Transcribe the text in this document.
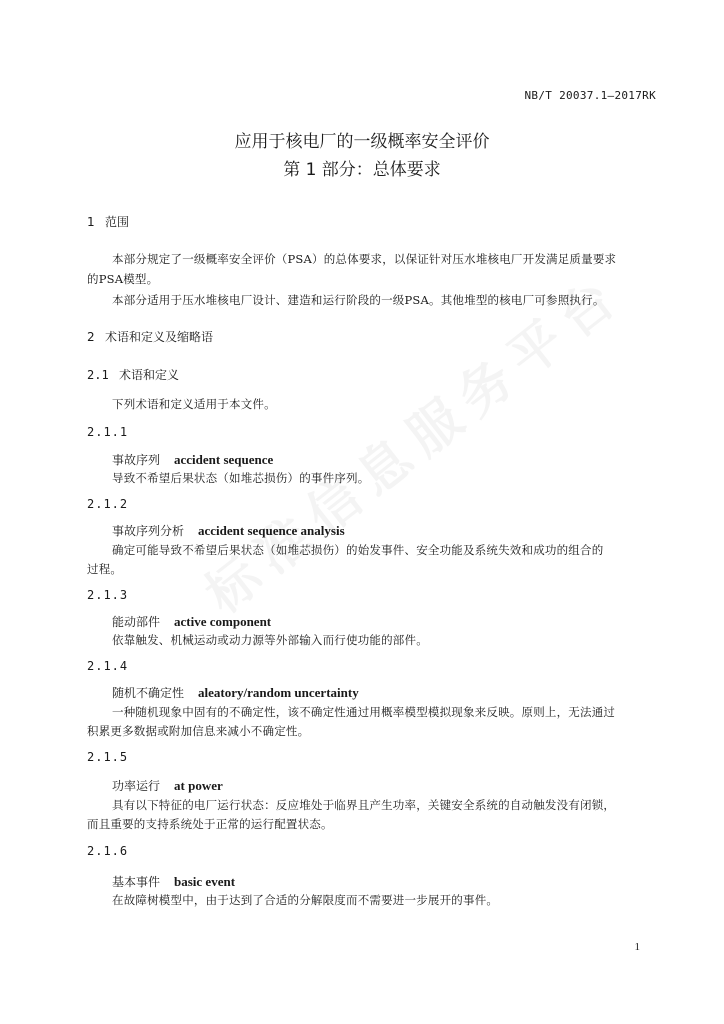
NB/T 20037.1—2017RK
应用于核电厂的一级概率安全评价
第 1 部分：总体要求
1 范围
本部分规定了一级概率安全评价（PSA）的总体要求，以保证针对压水堆核电厂开发满足质量要求
的PSA模型。
本部分适用于压水堆核电厂设计、建造和运行阶段的一级PSA。其他堆型的核电厂可参照执行。
2 术语和定义及缩略语
2.1 术语和定义
下列术语和定义适用于本文件。
2.1.1
事故序列 accident sequence
导致不希望后果状态（如堆芯损伤）的事件序列。
2.1.2
事故序列分析 accident sequence analysis
确定可能导致不希望后果状态（如堆芯损伤）的始发事件、安全功能及系统失效和成功的组合的
过程。
2.1.3
能动部件 active component
依靠触发、机械运动或动力源等外部输入而行使功能的部件。
2.1.4
随机不确定性 aleatory/random uncertainty
一种随机现象中固有的不确定性，该不确定性通过用概率模型模拟现象来反映。原则上，无法通过
积累更多数据或附加信息来减小不确定性。
2.1.5
功率运行 at power
具有以下特征的电厂运行状态：反应堆处于临界且产生功率，关键安全系统的自动触发没有闭锁，
而且重要的支持系统处于正常的运行配置状态。
2.1.6
基本事件 basic event
在故障树模型中，由于达到了合适的分解限度而不需要进一步展开的事件。
1
